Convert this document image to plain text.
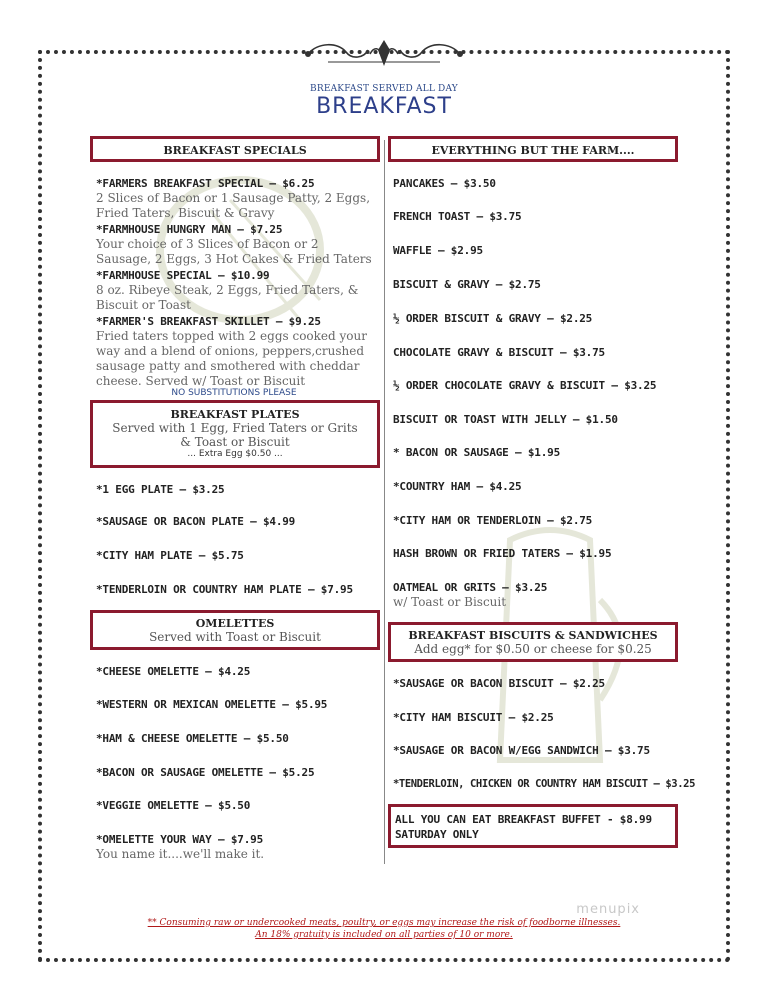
BREAKFAST SERVED ALL DAY
BREAKFAST
BREAKFAST SPECIALS
*FARMERS BREAKFAST SPECIAL – $6.25
2 Slices of Bacon or 1 Sausage Patty, 2 Eggs, Fried Taters, Biscuit & Gravy
*FARMHOUSE HUNGRY MAN – $7.25
Your choice of 3 Slices of Bacon or 2 Sausage, 2 Eggs, 3 Hot Cakes & Fried Taters
*FARMHOUSE SPECIAL – $10.99
8 oz. Ribeye Steak, 2 Eggs, Fried Taters, & Biscuit or Toast
*FARMER'S BREAKFAST SKILLET – $9.25
Fried taters topped with 2 eggs cooked your way and a blend of onions, peppers,crushed sausage patty and smothered with cheddar cheese. Served w/ Toast or Biscuit
NO SUBSTITUTIONS PLEASE
BREAKFAST PLATES
Served with 1 Egg, Fried Taters or Grits & Toast or Biscuit
... Extra Egg $0.50 ...
*1 EGG PLATE – $3.25
*SAUSAGE OR BACON PLATE – $4.99
*CITY HAM PLATE – $5.75
*TENDERLOIN OR COUNTRY HAM PLATE – $7.95
OMELETTES
Served with Toast or Biscuit
*CHEESE OMELETTE – $4.25
*WESTERN OR MEXICAN OMELETTE – $5.95
*HAM & CHEESE OMELETTE – $5.50
*BACON OR SAUSAGE OMELETTE – $5.25
*VEGGIE OMELETTE – $5.50
*OMELETTE YOUR WAY – $7.95
You name it....we'll make it.
EVERYTHING BUT THE FARM....
PANCAKES – $3.50
FRENCH TOAST – $3.75
WAFFLE – $2.95
BISCUIT & GRAVY – $2.75
½ ORDER BISCUIT & GRAVY – $2.25
CHOCOLATE GRAVY & BISCUIT – $3.75
½ ORDER CHOCOLATE GRAVY & BISCUIT – $3.25
BISCUIT OR TOAST WITH JELLY – $1.50
* BACON OR SAUSAGE – $1.95
*COUNTRY HAM – $4.25
*CITY HAM OR TENDERLOIN – $2.75
HASH BROWN OR FRIED TATERS – $1.95
OATMEAL OR GRITS – $3.25
w/ Toast or Biscuit
BREAKFAST BISCUITS & SANDWICHES
Add egg* for $0.50 or cheese for $0.25
*SAUSAGE OR BACON BISCUIT – $2.25
*CITY HAM BISCUIT – $2.25
*SAUSAGE OR BACON W/EGG SANDWICH – $3.75
*TENDERLOIN, CHICKEN OR COUNTRY HAM BISCUIT – $3.25
ALL YOU CAN EAT BREAKFAST BUFFET - $8.99
SATURDAY ONLY
menupix
** Consuming raw or undercooked meats, poultry, or eggs may increase the risk of foodborne illnesses.
An 18% gratuity is included on all parties of 10 or more.
